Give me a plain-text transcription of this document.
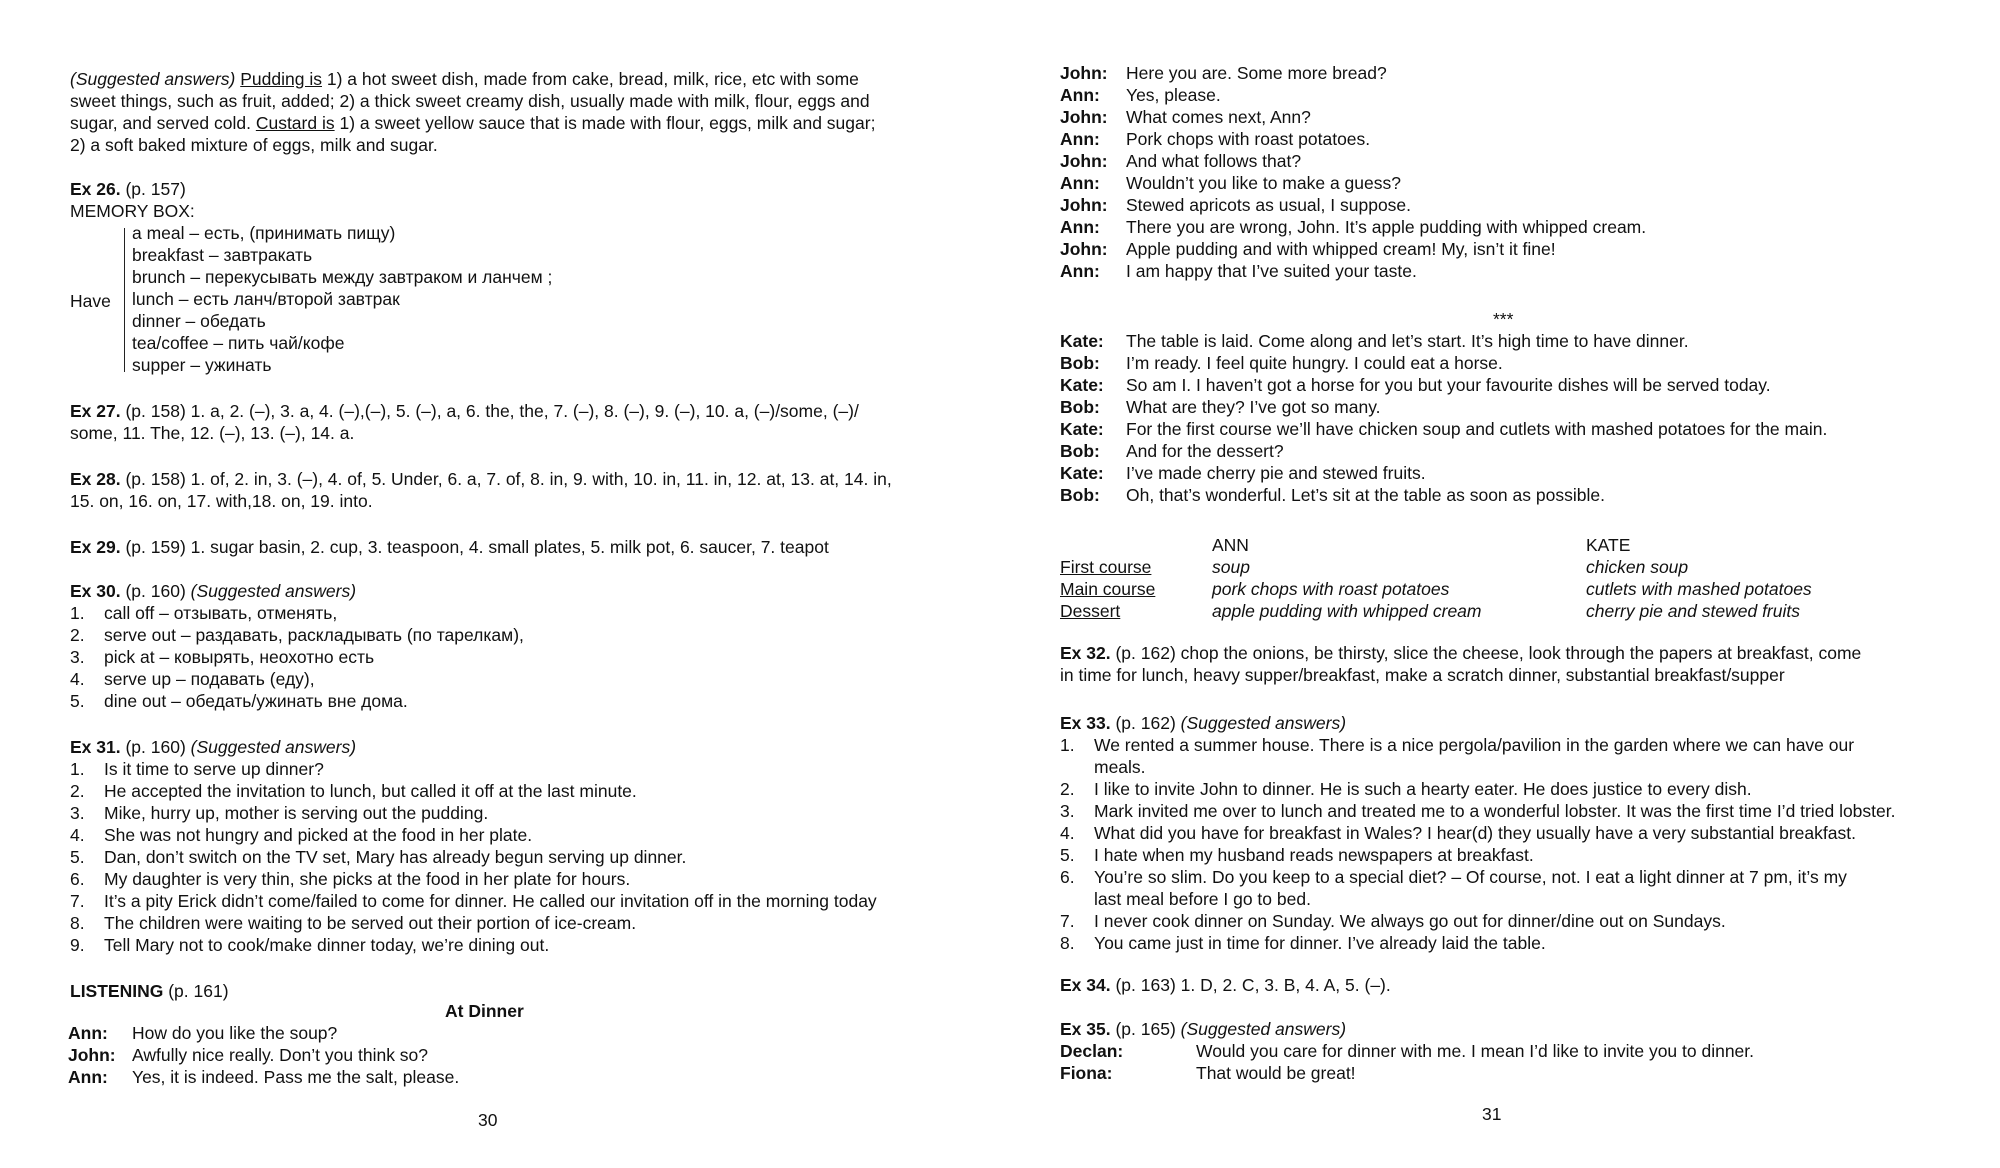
(Suggested answers) Pudding is 1) a hot sweet dish, made from cake, bread, milk, rice, etc with some
sweet things, such as fruit, added; 2) a thick sweet creamy dish, usually made with milk, flour, eggs and
sugar, and served cold. Custard is 1) a sweet yellow sauce that is made with flour, eggs, milk and sugar;
2) a soft baked mixture of eggs, milk and sugar.
Ex 26. (p. 157)
MEMORY BOX:
Have
a meal – есть, (принимать пищу)
breakfast – завтракать
brunch – перекусывать между завтраком и ланчем ;
lunch – есть ланч/второй завтрак
dinner – обедать
tea/coffee – пить чай/кофе
supper – ужинать
Ex 27. (p. 158) 1. a, 2. (–), 3. a, 4. (–),(–), 5. (–), a, 6. the, the, 7. (–), 8. (–), 9. (–), 10. a, (–)/some, (–)/
some, 11. The, 12. (–), 13. (–), 14. a.
Ex 28. (p. 158) 1. of, 2. in, 3. (–), 4. of, 5. Under, 6. a, 7. of, 8. in, 9. with, 10. in, 11. in, 12. at, 13. at, 14. in,
15. on, 16. on, 17. with,18. on, 19. into.
Ex 29. (p. 159) 1. sugar basin, 2. cup, 3. teaspoon, 4. small plates, 5. milk pot, 6. saucer, 7. teapot
Ex 30. (p. 160) (Suggested answers)
1. call off – отзывать, отменять,
2. serve out – раздавать, раскладывать (по тарелкам),
3. pick at – ковырять, неохотно есть
4. serve up – подавать (еду),
5. dine out – обедать/ужинать вне дома.
Ex 31. (p. 160) (Suggested answers)
1. Is it time to serve up dinner?
2. He accepted the invitation to lunch, but called it off at the last minute.
3. Mike, hurry up, mother is serving out the pudding.
4. She was not hungry and picked at the food in her plate.
5. Dan, don’t switch on the TV set, Mary has already begun serving up dinner.
6. My daughter is very thin, she picks at the food in her plate for hours.
7. It’s a pity Erick didn’t come/failed to come for dinner. He called our invitation off in the morning today
8. The children were waiting to be served out their portion of ice-cream.
9. Tell Mary not to cook/make dinner today, we’re dining out.
LISTENING (p. 161)
At Dinner
Ann: How do you like the soup?
John: Awfully nice really. Don’t you think so?
Ann: Yes, it is indeed. Pass me the salt, please.
30
John: Here you are. Some more bread?
Ann: Yes, please.
John: What comes next, Ann?
Ann: Pork chops with roast potatoes.
John: And what follows that?
Ann: Wouldn’t you like to make a guess?
John: Stewed apricots as usual, I suppose.
Ann: There you are wrong, John. It’s apple pudding with whipped cream.
John: Apple pudding and with whipped cream! My, isn’t it fine!
Ann: I am happy that I’ve suited your taste.
***
Kate: The table is laid. Come along and let’s start. It’s high time to have dinner.
Bob: I’m ready. I feel quite hungry. I could eat a horse.
Kate: So am I. I haven’t got a horse for you but your favourite dishes will be served today.
Bob: What are they? I’ve got so many.
Kate: For the first course we’ll have chicken soup and cutlets with mashed potatoes for the main.
Bob: And for the dessert?
Kate: I’ve made cherry pie and stewed fruits.
Bob: Oh, that’s wonderful. Let’s sit at the table as soon as possible.
	ANN	KATE
First course	soup	chicken soup
Main course	pork chops with roast potatoes	cutlets with mashed potatoes
Dessert	apple pudding with whipped cream	cherry pie and stewed fruits
Ex 32. (p. 162) chop the onions, be thirsty, slice the cheese, look through the papers at breakfast, come
in time for lunch, heavy supper/breakfast, make a scratch dinner, substantial breakfast/supper
Ex 33. (p. 162) (Suggested answers)
1. We rented a summer house. There is a nice pergola/pavilion in the garden where we can have our
meals.
2. I like to invite John to dinner. He is such a hearty eater. He does justice to every dish.
3. Mark invited me over to lunch and treated me to a wonderful lobster. It was the first time I’d tried lobster.
4. What did you have for breakfast in Wales? I hear(d) they usually have a very substantial breakfast.
5. I hate when my husband reads newspapers at breakfast.
6. You’re so slim. Do you keep to a special diet? – Of course, not. I eat a light dinner at 7 pm, it’s my
last meal before I go to bed.
7. I never cook dinner on Sunday. We always go out for dinner/dine out on Sundays.
8. You came just in time for dinner. I’ve already laid the table.
Ex 34. (p. 163) 1. D, 2. C, 3. B, 4. A, 5. (–).
Ex 35. (p. 165) (Suggested answers)
Declan:	Would you care for dinner with me. I mean I’d like to invite you to dinner.
Fiona:	That would be great!
31
